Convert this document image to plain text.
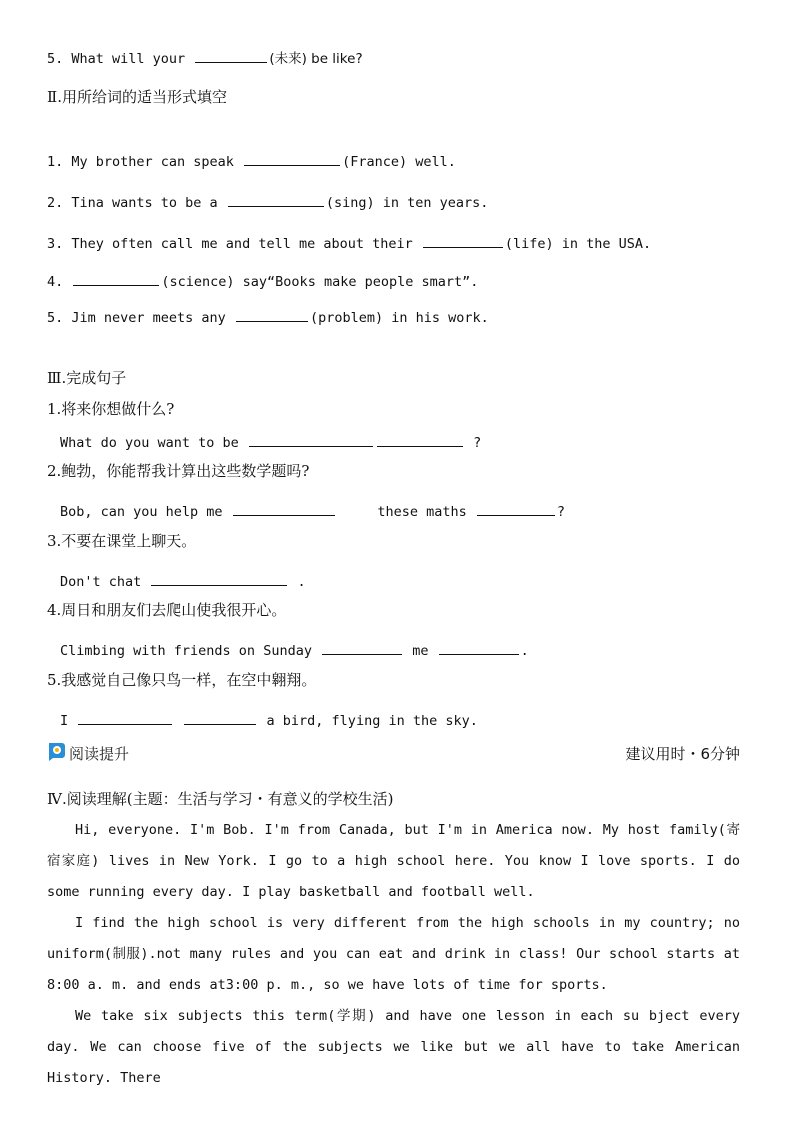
5. What will your	(未来) be like?
Ⅱ.用所给词的适当形式填空
1. My brother can speak	(France) well.
2. Tina wants to be a	(sing) in ten years.
3. They often call me and tell me about their	(life) in the USA.
4.	(science) say“Books make people smart”.
5. Jim never meets any	(problem) in his work.
Ⅲ.完成句子
1.将来你想做什么?
What do you want to be	?
2.鲍勃，你能帮我计算出这些数学题吗?
Bob, can you help me	these maths	?
3.不要在课堂上聊天。
Don't chat	.
4.周日和朋友们去爬山使我很开心。
Climbing with friends on Sunday	me	.
5.我感觉自己像只鸟一样，在空中翱翔。
I	a bird, flying in the sky.
阅读提升	建议用时・6分钟
Ⅳ.阅读理解(主题：生活与学习・有意义的学校生活)
Hi, everyone. I'm Bob. I'm from Canada, but I'm in America now. My host family(寄宿家庭) lives in New York. I go to a high school here. You know I love sports. I do some running every day. I play basketball and football well.
I find the high school is very different from the high schools in my country; no uniform(制服).not many rules and you can eat and drink in class! Our school starts at 8:00 a. m. and ends at3:00 p. m., so we have lots of time for sports.
We take six subjects this term(学期) and have one lesson in each su bject every day. We can choose five of the subjects we like but we all have to take American History. There
